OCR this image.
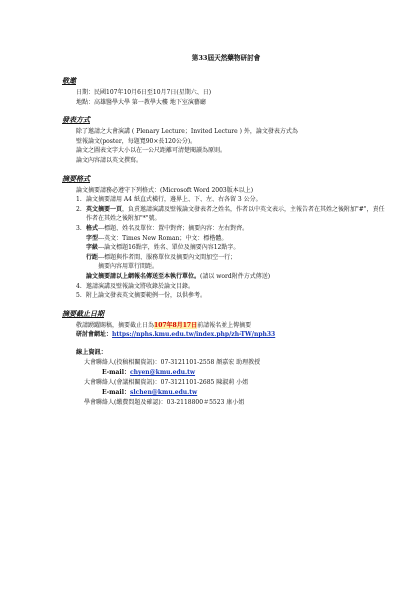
第33屆天然藥物研討會
敬邀
日期：民國107年10月6日至10月7日(星期六、日)
地點：高雄醫學大學 第一教學大樓 地下室演藝廳
發表方式
除了邀請之大會演講 ( Plenary Lecture；Invited Lecture ) 外，論文發表方式為
壁報論文(poster，每題寬90×長120公分)。
論文之圖表文字大小以在一公尺距離可清楚閱讀為原則。
論文內容請以英文撰寫。
摘要格式
論文摘要請務必遵守下列格式：(Microsoft Word 2003版本以上)
1. 論文摘要請用 A4 紙直式橫行，邊界上、下、左、右各留 3 公分。
2. 英文摘要一頁，負責邀請演講及壁報論文發表者之姓名，作者以中英文表示，主報告者在其姓之後附加"#"，責任作者在其姓之後附加"*"號。
3. 格式---標題、姓名及單位：置中對齊；摘要內容：左右對齊。
字型---英文：Times New Roman；中文：標楷體。
字級---論文標題16點字，姓名、單位及摘要內容12點字。
行距---標題與作者間、服務單位及摘要內文間加空一行；
摘要內容用單行間距。
論文摘要請以上網報名傳送至本執行單位。(請以 word附件方式傳送)
4. 邀請演講及壁報論文將收錄於論文目錄。
5. 附上論文發表英文摘要範例一份，以供參考。
摘要截止日期
敬請踴躍賜稿，摘要截止日為107年8月17日前請報名並上傳摘要
研討會網址：https://nphs.kmu.edu.tw/index.php/zh-TW/nph33
線上資訊：
大會聯絡人(投稿相關資訊)：07-3121101-2558 顏嘉宏 助理教授
E-mail：chyen@kmu.edu.tw
大會聯絡人(會議相關資訊)：07-3121101-2685 陳淑莉 小姐
E-mail：slchen@kmu.edu.tw
學會聯絡人(繳費問題及確認)：03-2118800＃5523 康小姐
